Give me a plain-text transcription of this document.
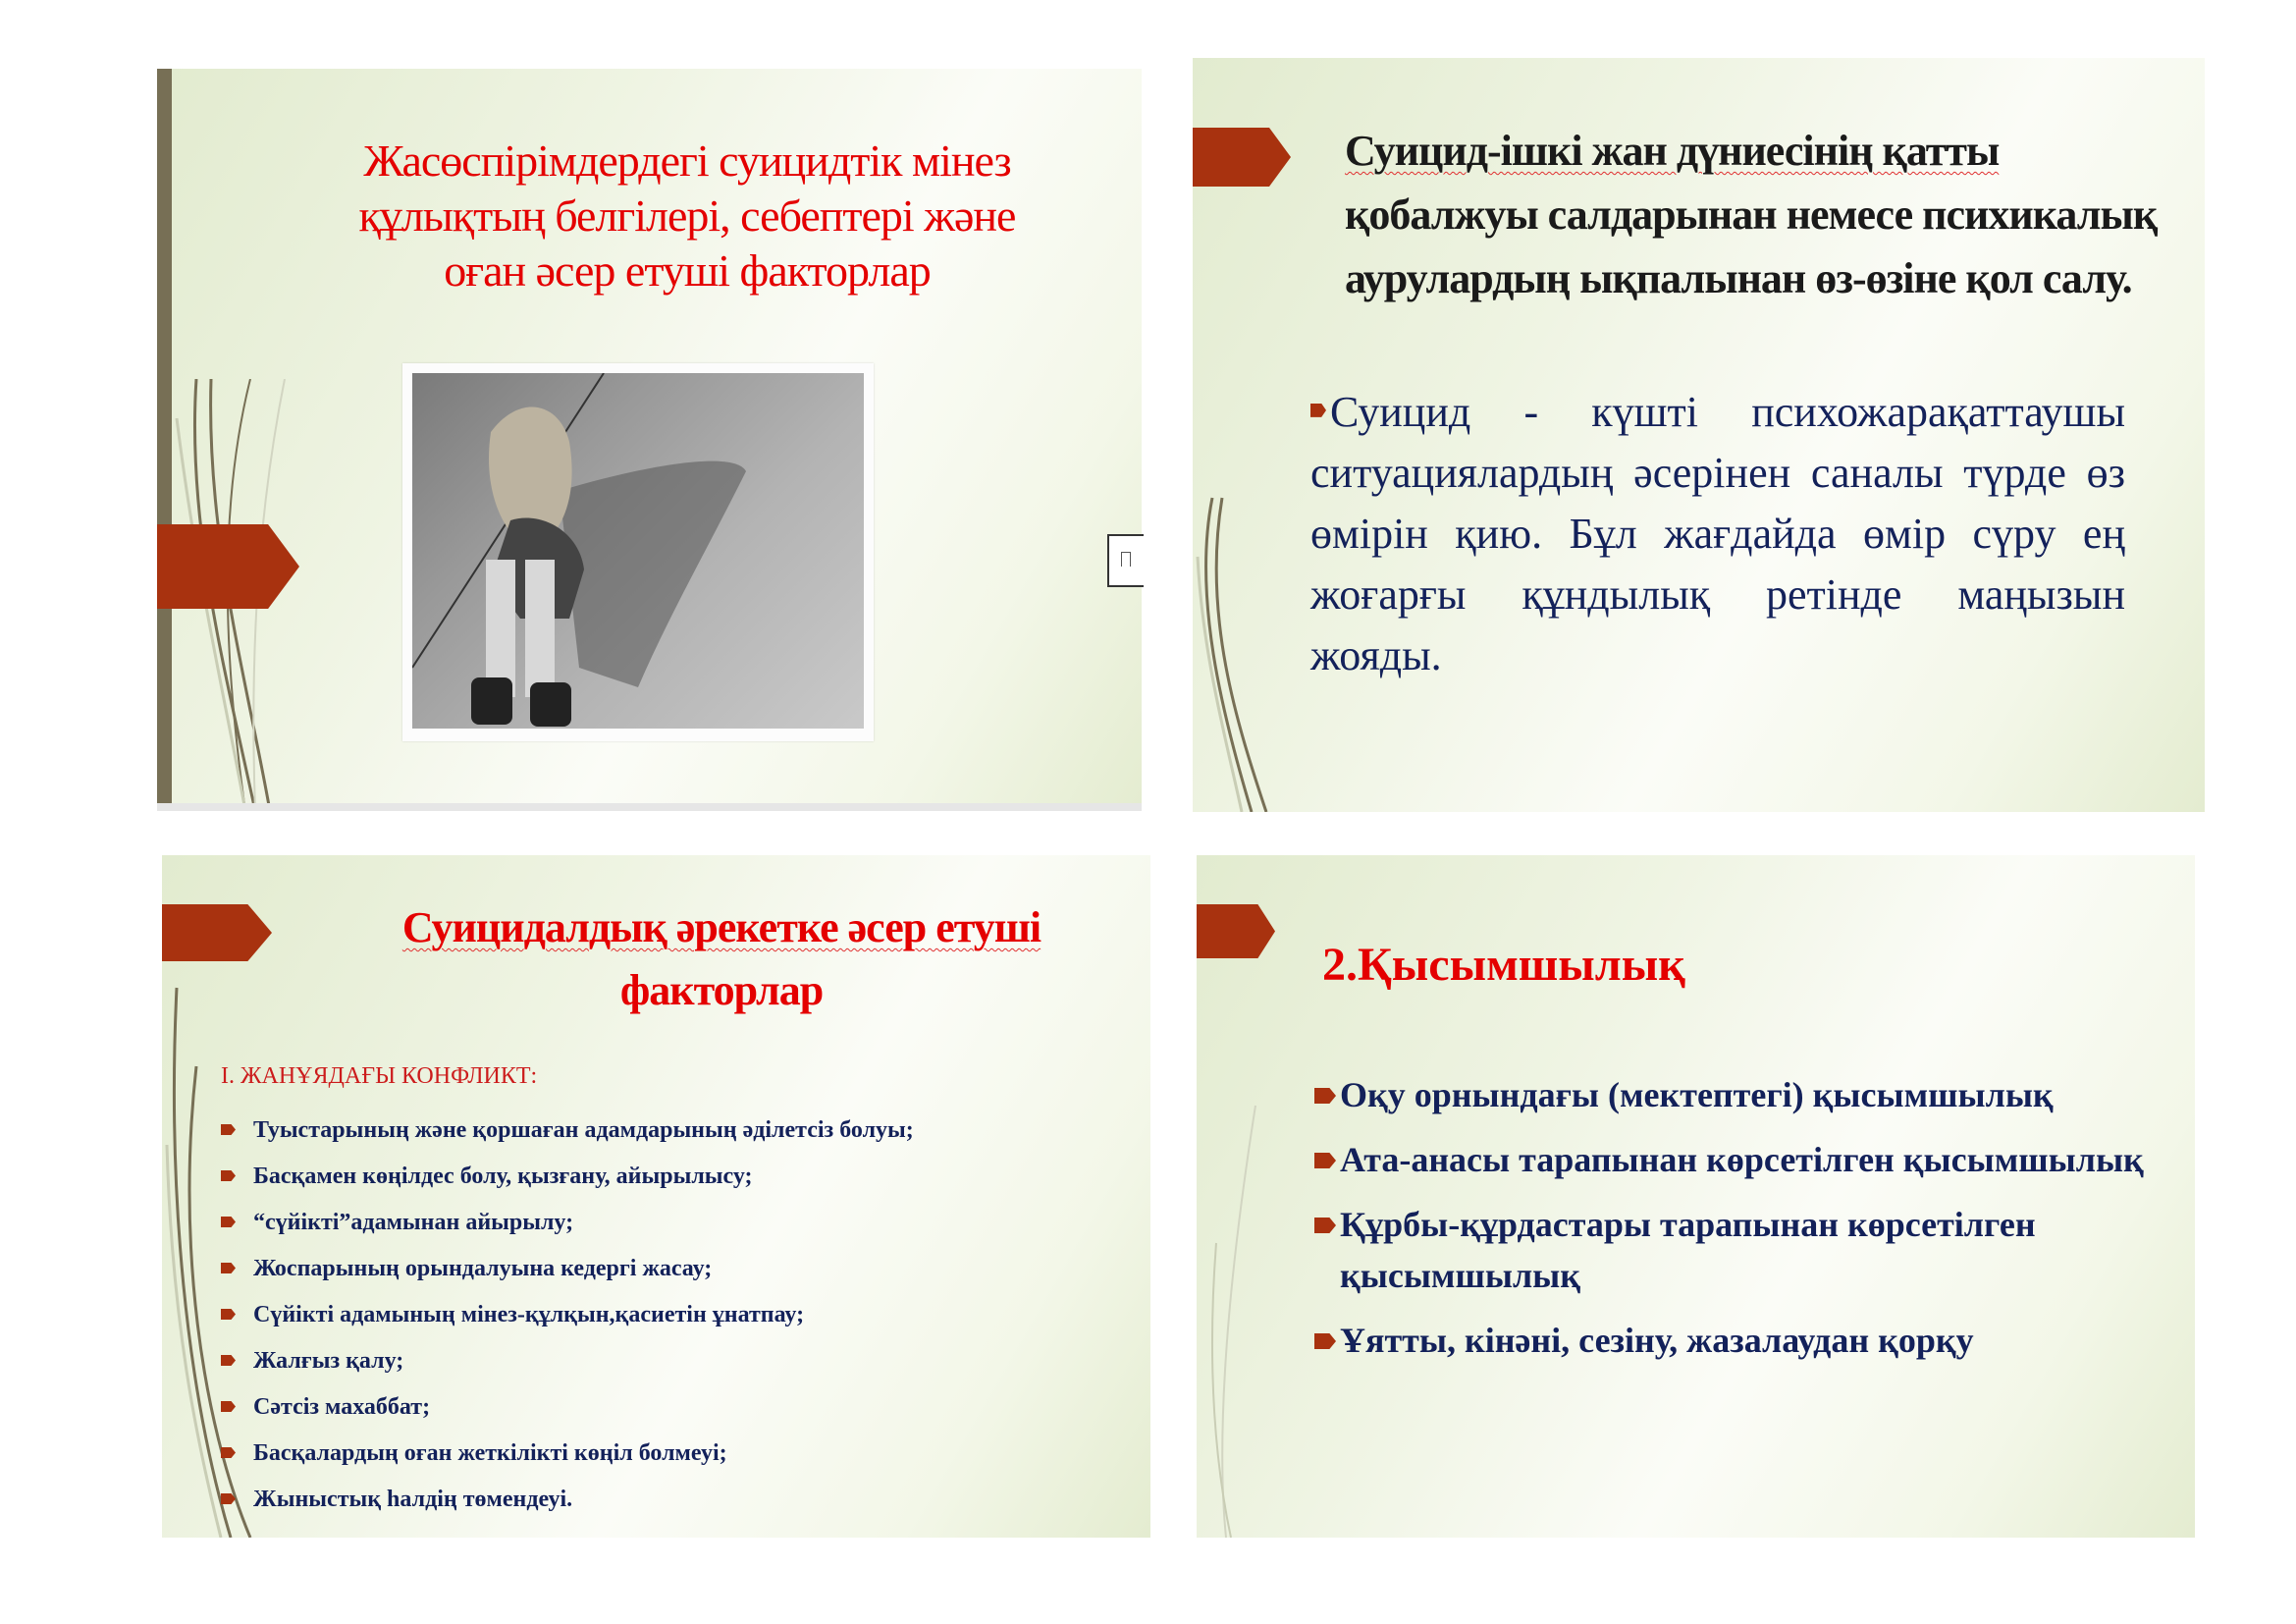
Жасөспірімдердегі суицидтік мінез
құлықтың белгілері, себептері және
оған әсер етуші факторлар
Суицид-ішкі жан дүниесінің қатты
қобалжуы салдарынан немесе психикалық
аурулардың ықпалынан өз-өзіне қол салу.
Суицид - күшті психожарақаттаушы ситуациялардың әсерінен саналы түрде өз өмірін қию. Бұл жағдайда өмір сүру ең жоғарғы құндылық ретінде маңызын жояды.
Суицидалдық әрекетке әсер етуші
факторлар
І. ЖАНҰЯДАҒЫ КОНФЛИКТ:
Туыстарының және қоршаған адамдарының әділетсіз болуы;
Басқамен көңілдес болу, қызғану, айырылысу;
“сүйікті”адамынан айырылу;
Жоспарының орындалуына кедергі жасау;
Сүйікті адамының мінез-құлқын,қасиетін ұнатпау;
Жалғыз қалу;
Сәтсіз махаббат;
Басқалардың оған жеткілікті көңіл болмеуі;
Жыныстық һалдің төмендеуі.
2.Қысымшылық
Оқу орнындағы (мектептегі) қысымшылық
Ата-анасы тарапынан көрсетілген қысымшылық
Құрбы-құрдастары тарапынан көрсетілген қысымшылық
Ұятты, кінәні, сезіну, жазалаудан қорқу
